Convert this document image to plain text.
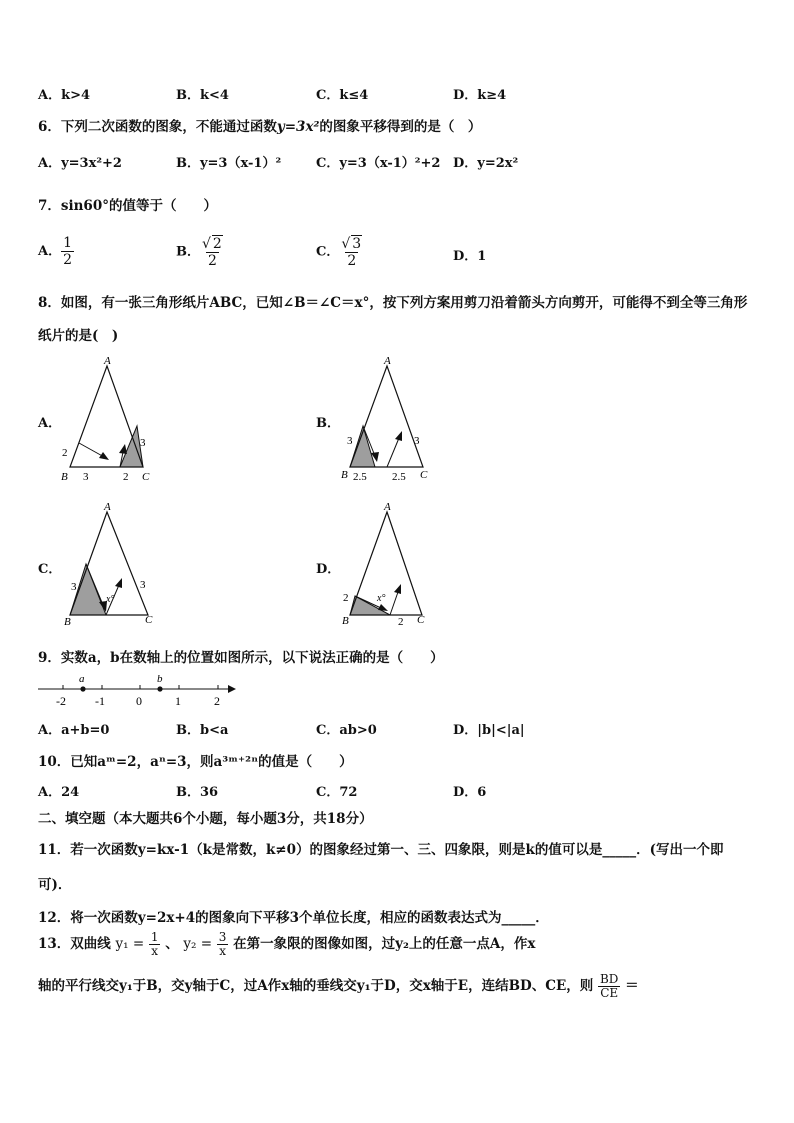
A．k>4	B．k<4	C．k≤4	D．k≥4
6．下列二次函数的图象，不能通过函数y=3x²的图象平移得到的是（　）
A．y=3x²+2	B．y=3（x-1）²	C．y=3（x-1）²+2 D．y=2x²
7．sin60°的值等于（　　）
A． $\frac{1}{2}$	B． $\frac{√ 2}{2}$	C． $\frac{√ 3}{2}$	D．1
8．如图，有一张三角形纸片ABC，已知∠B＝∠C＝x°，按下列方案用剪刀沿着箭头方向剪开，可能得不到全等三角形
纸片的是(　)
A．	B．
C．	D．
A
B	C
2
3	2
3
A
B	C
3
2.5 2.5
3
A
B	C
3
x°
3
A
B	C
2	x°
2
9．实数a，b在数轴上的位置如图所示，以下说法正确的是（　　）
a	b
-2 -1	0	1	2
A．a+b=0	B．b<a	C．ab>0	D．|b|<|a|
10．已知aᵐ=2，aⁿ=3，则a³ᵐ⁺²ⁿ的值是（　　）
A．24	B．36	C．72	D．6
二、填空题（本大题共6个小题，每小题3分，共18分）
11．若一次函数y=kx-1（k是常数，k≠0）的图象经过第一、三、四象限，则是k的值可以是_____．(写出一个即
可)．
12．将一次函数y=2x+4的图象向下平移3个单位长度，相应的函数表达式为_____．
13．双曲线 $y_1 = \frac{1}{x}$ 、 $y_2 = \frac{3}{x}$ 在第一象限的图像如图，过y₂上的任意一点A，作x
轴的平行线交y₁于B，交y轴于C，过A作x轴的垂线交y₁于D，交x轴于E，连结BD、CE，则 $\frac{BD}{CE}$ ＝
